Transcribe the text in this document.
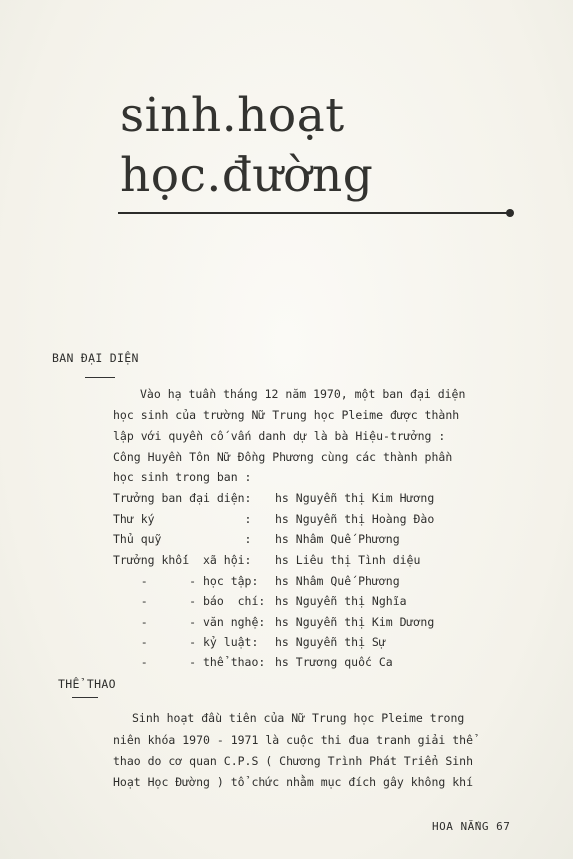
sinh.hoạt
học.đường
BAN ĐẠI DIỆN
Vào hạ tuần tháng 12 năm 1970, một ban đại diện
học sinh của trường Nữ Trung học Pleime được thành
lập với quyền cố vấn danh dự là bà Hiệu-trưởng :
Công Huyền Tôn Nữ Đồng Phương cùng các thành phần
học sinh trong ban :
Trưởng ban đại diện: hs Nguyễn thị Kim Hương
Thư ký             : hs Nguyễn thị Hoàng Đào
Thủ quỹ            : hs Nhâm Quế Phương
Trưởng khối  xã hội: hs Liêu thị Tình diệu
-      - học tập: hs Nhâm Quế Phương
-      - báo  chí: hs Nguyễn thị Nghĩa
-      - văn nghệ: hs Nguyễn thị Kim Dương
-      - kỷ luật: hs Nguyễn thị Sự
-      - thể thao: hs Trương quốc Ca
THỂ THAO
Sinh hoạt đầu tiên của Nữ Trung học Pleime trong
niên khóa 1970 - 1971 là cuộc thi đua tranh giải thể
thao do cơ quan C.P.S ( Chương Trình Phát Triển Sinh
Hoạt Học Đường ) tổ chức nhằm mục đích gây không khí
HOA NẮNG 67
